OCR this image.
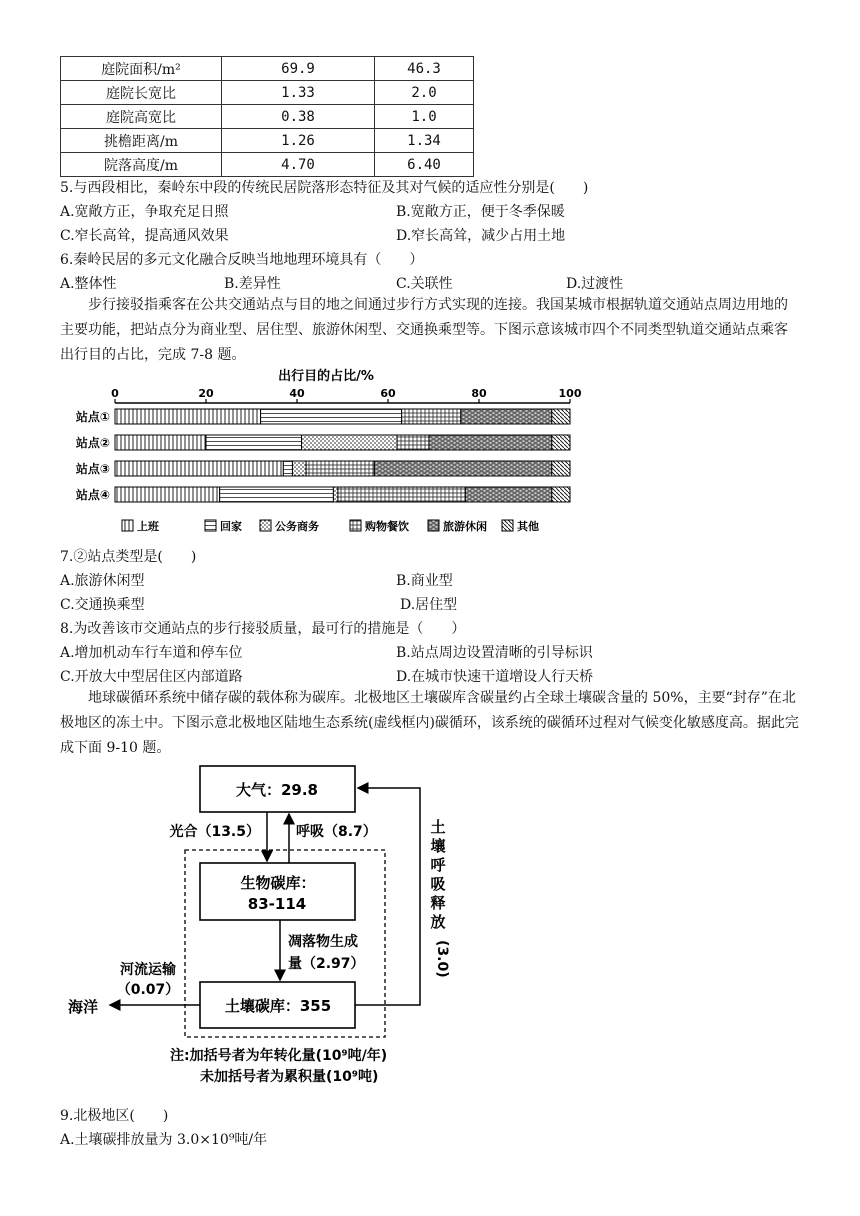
庭院面积/m²	69.9	46.3
庭院长宽比	1.33	2.0
庭院高宽比	0.38	1.0
挑檐距离/m	1.26	1.34
院落高度/m	4.70	6.40
5.与西段相比，秦岭东中段的传统民居院落形态特征及其对气候的适应性分别是(　　)
A.宽敞方正，争取充足日照	B.宽敞方正，便于冬季保暖
C.窄长高耸，提高通风效果	D.窄长高耸，减少占用土地
6.秦岭民居的多元文化融合反映当地地理环境具有（　　）
A.整体性	B.差异性	C.关联性	D.过渡性
步行接驳指乘客在公共交通站点与目的地之间通过步行方式实现的连接。我国某城市根据轨道交通站点周边用地的主要功能，把站点分为商业型、居住型、旅游休闲型、交通换乘型等。下图示意该城市四个不同类型轨道交通站点乘客出行目的占比，完成 7-8 题。
出行目的占比/%
0	20	40	60	80	100
站点①
站点②
站点③
站点④
上班	回家	公务商务	购物餐饮	旅游休闲	其他
7.②站点类型是(　　)
A.旅游休闲型	B.商业型
C.交通换乘型	D.居住型
8.为改善该市交通站点的步行接驳质量，最可行的措施是（　　）
A.增加机动车行车道和停车位	B.站点周边设置清晰的引导标识
C.开放大中型居住区内部道路	D.在城市快速干道增设人行天桥
地球碳循环系统中储存碳的载体称为碳库。北极地区土壤碳库含碳量约占全球土壤碳含量的 50%，主要“封存”在北极地区的冻土中。下图示意北极地区陆地生态系统(虚线框内)碳循环，该系统的碳循环过程对气候变化敏感度高。据此完成下面 9-10 题。
大气：29.8
生物碳库：
83-114
土壤碳库：355
光合（13.5）	呼吸（8.7）
凋落物生成
量（2.97）
河流运输
（0.07）
海洋
土
壤
呼
吸
释
放
(3.0)
注:加括号者为年转化量(10⁹吨/年)
未加括号者为累积量(10⁹吨)
9.北极地区(　　)
A.土壤碳排放量为 3.0×10⁹吨/年
